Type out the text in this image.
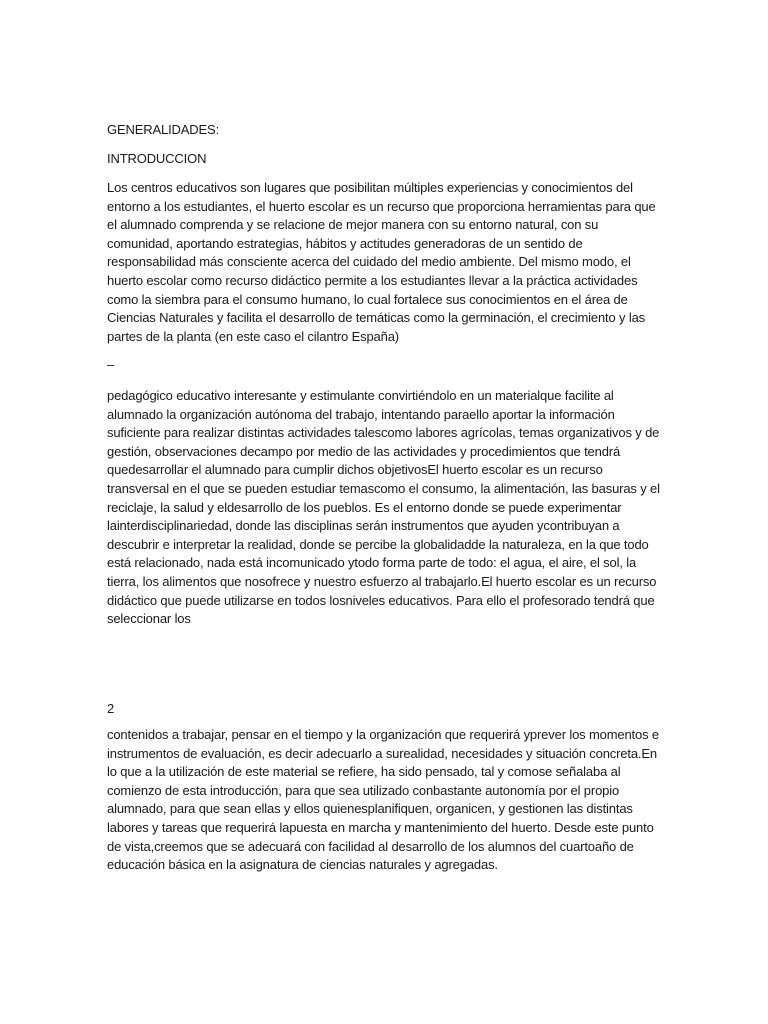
GENERALIDADES:
INTRODUCCION
Los centros educativos son lugares que posibilitan múltiples experiencias y conocimientos del
entorno a los estudiantes, el huerto escolar es un recurso que proporciona herramientas para que
el alumnado comprenda y se relacione de mejor manera con su entorno natural, con su
comunidad, aportando estrategias, hábitos y actitudes generadoras de un sentido de
responsabilidad más consciente acerca del cuidado del medio ambiente. Del mismo modo, el
huerto escolar como recurso didáctico permite a los estudiantes llevar a la práctica actividades
como la siembra para el consumo humano, lo cual fortalece sus conocimientos en el área de
Ciencias Naturales y facilita el desarrollo de temáticas como la germinación, el crecimiento y las
partes de la planta (en este caso el cilantro España)
–
pedagógico educativo interesante y estimulante convirtiéndolo en un materialque facilite al
alumnado la organización autónoma del trabajo, intentando paraello aportar la información
suficiente para realizar distintas actividades talescomo labores agrícolas, temas organizativos y de
gestión, observaciones decampo por medio de las actividades y procedimientos que tendrá
quedesarrollar el alumnado para cumplir dichos objetivosEl huerto escolar es un recurso
transversal en el que se pueden estudiar temascomo el consumo, la alimentación, las basuras y el
reciclaje, la salud y eldesarrollo de los pueblos. Es el entorno donde se puede experimentar
lainterdisciplinariedad, donde las disciplinas serán instrumentos que ayuden ycontribuyan a
descubrir e interpretar la realidad, donde se percibe la globalidadde la naturaleza, en la que todo
está relacionado, nada está incomunicado ytodo forma parte de todo: el agua, el aire, el sol, la
tierra, los alimentos que nosofrece y nuestro esfuerzo al trabajarlo.El huerto escolar es un recurso
didáctico que puede utilizarse en todos losniveles educativos. Para ello el profesorado tendrá que
seleccionar los
2
contenidos a trabajar, pensar en el tiempo y la organización que requerirá yprever los momentos e
instrumentos de evaluación, es decir adecuarlo a surealidad, necesidades y situación concreta.En
lo que a la utilización de este material se refiere, ha sido pensado, tal y comose señalaba al
comienzo de esta introducción, para que sea utilizado conbastante autonomía por el propio
alumnado, para que sean ellas y ellos quienesplanifiquen, organicen, y gestionen las distintas
labores y tareas que requerirá lapuesta en marcha y mantenimiento del huerto. Desde este punto
de vista,creemos que se adecuará con facilidad al desarrollo de los alumnos del cuartoaño de
educación básica en la asignatura de ciencias naturales y agregadas.
